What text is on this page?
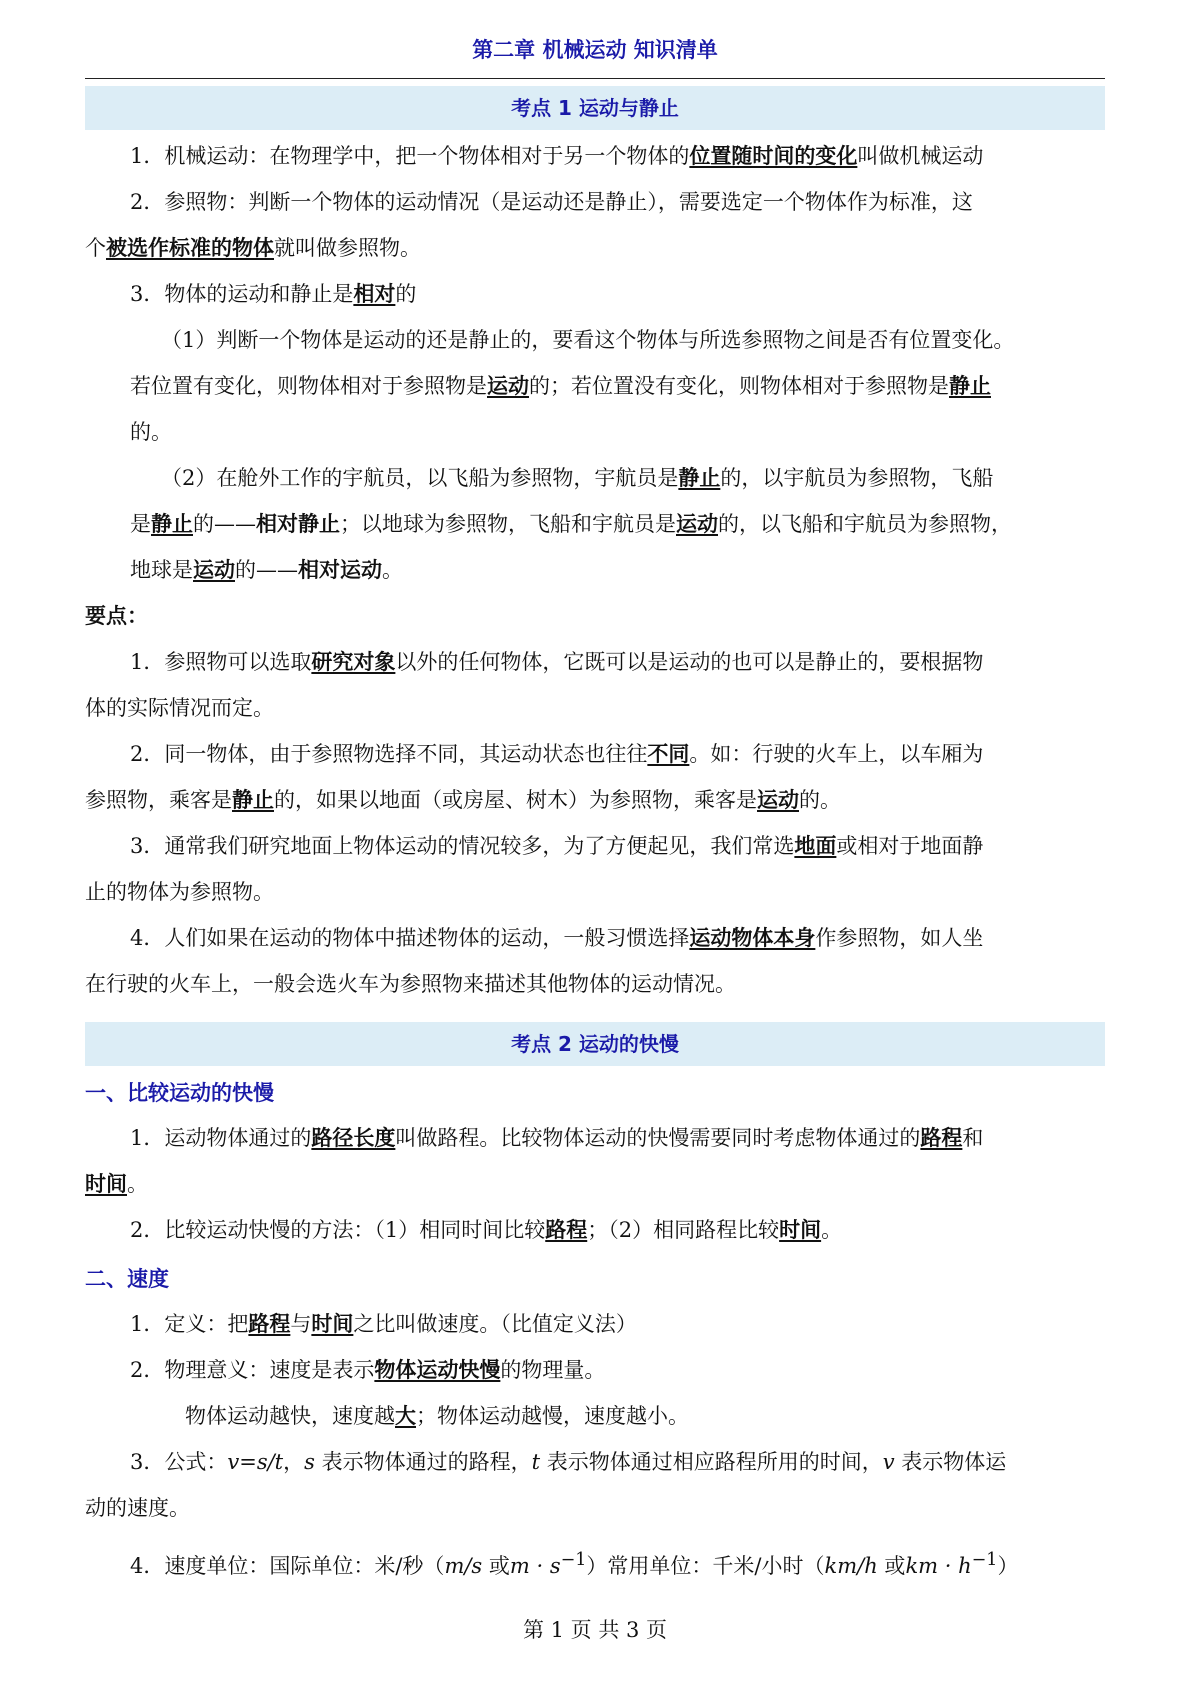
第二章 机械运动 知识清单
考点 1 运动与静止
1．机械运动：在物理学中，把一个物体相对于另一个物体的位置随时间的变化叫做机械运动
2．参照物：判断一个物体的运动情况（是运动还是静止），需要选定一个物体作为标准，这
个被选作标准的物体就叫做参照物。
3．物体的运动和静止是相对的
（1）判断一个物体是运动的还是静止的，要看这个物体与所选参照物之间是否有位置变化。
若位置有变化，则物体相对于参照物是运动的；若位置没有变化，则物体相对于参照物是静止
的。
（2）在舱外工作的宇航员，以飞船为参照物，宇航员是静止的，以宇航员为参照物，飞船
是静止的——相对静止；以地球为参照物，飞船和宇航员是运动的，以飞船和宇航员为参照物，
地球是运动的——相对运动。
要点：
1．参照物可以选取研究对象以外的任何物体，它既可以是运动的也可以是静止的，要根据物
体的实际情况而定。
2．同一物体，由于参照物选择不同，其运动状态也往往不同。如：行驶的火车上，以车厢为
参照物，乘客是静止的，如果以地面（或房屋、树木）为参照物，乘客是运动的。
3．通常我们研究地面上物体运动的情况较多，为了方便起见，我们常选地面或相对于地面静
止的物体为参照物。
4．人们如果在运动的物体中描述物体的运动，一般习惯选择运动物体本身作参照物，如人坐
在行驶的火车上，一般会选火车为参照物来描述其他物体的运动情况。
考点 2 运动的快慢
一、比较运动的快慢
1．运动物体通过的路径长度叫做路程。比较物体运动的快慢需要同时考虑物体通过的路程和
时间。
2．比较运动快慢的方法：（1）相同时间比较路程；（2）相同路程比较时间。
二、速度
1．定义：把路程与时间之比叫做速度。（比值定义法）
2．物理意义：速度是表示物体运动快慢的物理量。
物体运动越快，速度越大；物体运动越慢，速度越小。
3．公式：v=s/t，s 表示物体通过的路程，t 表示物体通过相应路程所用的时间，v 表示物体运
动的速度。
4．速度单位：国际单位：米/秒（m/s 或$m \cdot s^{-1}$）常用单位：千米/小时（km/h 或km · $h^{-1}$）
第 1 页 共 3 页
